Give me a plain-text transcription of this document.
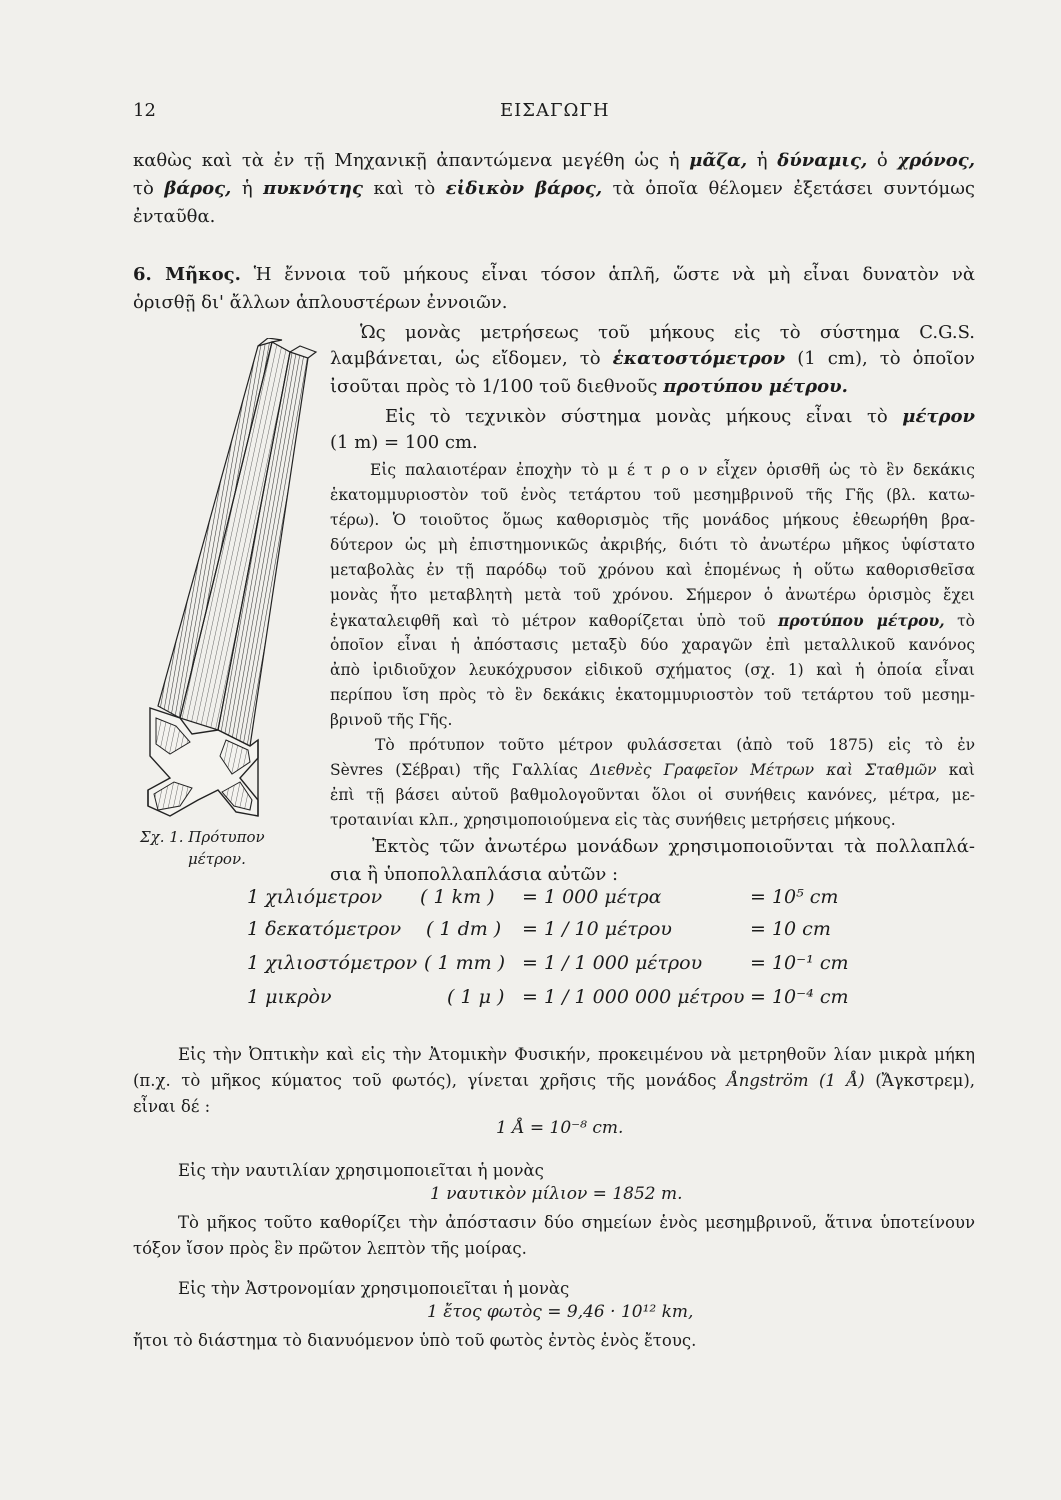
12	ΕΙΣΑΓΩΓΗ
καθὼς καὶ τὰ ἐν τῇ Μηχανικῇ ἀπαντώμενα μεγέθη ὡς ἡ μᾶζα, ἡ δύναμις, ὁ χρόνος,
τὸ βάρος, ἡ πυκνότης καὶ τὸ εἰδικὸν βάρος, τὰ ὁποῖα θέλομεν ἐξετάσει συντόμως
ἐνταῦθα.
6. Μῆκος. Ἡ ἔννοια τοῦ μήκους εἶναι τόσον ἁπλῆ, ὥστε νὰ μὴ εἶναι δυνατὸν νὰ
ὁρισθῇ δι' ἄλλων ἁπλουστέρων ἐννοιῶν.
Ὡς μονὰς μετρήσεως τοῦ μήκους εἰς τὸ σύστημα C.G.S.
λαμβάνεται, ὡς εἴδομεν, τὸ ἑκατοστόμετρον (1 cm), τὸ ὁποῖον
ἰσοῦται πρὸς τὸ 1/100 τοῦ διεθνοῦς προτύπου μέτρου.
Εἰς τὸ τεχνικὸν σύστημα μονὰς μήκους εἶναι τὸ μέτρον
(1 m) = 100 cm.
Εἰς παλαιοτέραν ἐποχὴν τὸ μ έ τ ρ ο ν εἶχεν ὁρισθῆ ὡς τὸ ἓν δεκάκις
ἑκατομμυριοστὸν τοῦ ἑνὸς τετάρτου τοῦ μεσημβρινοῦ τῆς Γῆς (βλ. κατω-
τέρω). Ὁ τοιοῦτος ὅμως καθορισμὸς τῆς μονάδος μήκους ἐθεωρήθη βρα-
δύτερον ὡς μὴ ἐπιστημονικῶς ἀκριβής, διότι τὸ ἀνωτέρω μῆκος ὑφίστατο
μεταβολὰς ἐν τῇ παρόδῳ τοῦ χρόνου καὶ ἑπομένως ἡ οὕτω καθορισθεῖσα
μονὰς ἦτο μεταβλητὴ μετὰ τοῦ χρόνου. Σήμερον ὁ ἀνωτέρω ὁρισμὸς ἔχει
ἐγκαταλειφθῆ καὶ τὸ μέτρον καθορίζεται ὑπὸ τοῦ προτύπου μέτρου, τὸ
ὁποῖον εἶναι ἡ ἀπόστασις μεταξὺ δύο χαραγῶν ἐπὶ μεταλλικοῦ κανόνος
ἀπὸ ἰριδιοῦχον λευκόχρυσον εἰδικοῦ σχήματος (σχ. 1) καὶ ἡ ὁποία εἶναι
περίπου ἴση πρὸς τὸ ἓν δεκάκις ἑκατομμυριοστὸν τοῦ τετάρτου τοῦ μεσημ-
βρινοῦ τῆς Γῆς.
Τὸ πρότυπον τοῦτο μέτρον φυλάσσεται (ἀπὸ τοῦ 1875) εἰς τὸ ἐν
Sèvres (Σέβραι) τῆς Γαλλίας Διεθνὲς Γραφεῖον Μέτρων καὶ Σταθμῶν καὶ
ἐπὶ τῇ βάσει αὐτοῦ βαθμολογοῦνται ὅλοι οἱ συνήθεις κανόνες, μέτρα, με-
τροταινίαι κλπ., χρησιμοποιούμενα εἰς τὰς συνήθεις μετρήσεις μήκους.
Ἐκτὸς τῶν ἀνωτέρω μονάδων χρησιμοποιοῦνται τὰ πολλαπλά-
σια ἢ ὑποπολλαπλάσια αὐτῶν :
Σχ. 1. Πρότυπον
μέτρον.
1 χιλιόμετρον ( 1 km ) = 1 000 μέτρα	= 10⁵ cm
1 δεκατόμετρον ( 1 dm ) = 1 / 10 μέτρου	= 10 cm
1 χιλιοστόμετρον ( 1 mm ) = 1 / 1 000 μέτρου	= 10⁻¹ cm
1 μικρὸν	( 1 μ ) = 1 / 1 000 000 μέτρου = 10⁻⁴ cm
Εἰς τὴν Ὀπτικὴν καὶ εἰς τὴν Ἀτομικὴν Φυσικήν, προκειμένου νὰ μετρηθοῦν λίαν μικρὰ μήκη
(π.χ. τὸ μῆκος κύματος τοῦ φωτός), γίνεται χρῆσις τῆς μονάδος Ångström (1 Å) (Ἄγκστρεμ),
εἶναι δέ :
1 Å = 10⁻⁸ cm.
Εἰς τὴν ναυτιλίαν χρησιμοποιεῖται ἡ μονὰς
1 ναυτικὸν μίλιον = 1852 m.
Τὸ μῆκος τοῦτο καθορίζει τὴν ἀπόστασιν δύο σημείων ἑνὸς μεσημβρινοῦ, ἅτινα ὑποτείνουν
τόξον ἴσον πρὸς ἓν πρῶτον λεπτὸν τῆς μοίρας.
Εἰς τὴν Ἀστρονομίαν χρησιμοποιεῖται ἡ μονὰς
1 ἔτος φωτὸς = 9,46 · 10¹² km,
ἤτοι τὸ διάστημα τὸ διανυόμενον ὑπὸ τοῦ φωτὸς ἐντὸς ἑνὸς ἔτους.
